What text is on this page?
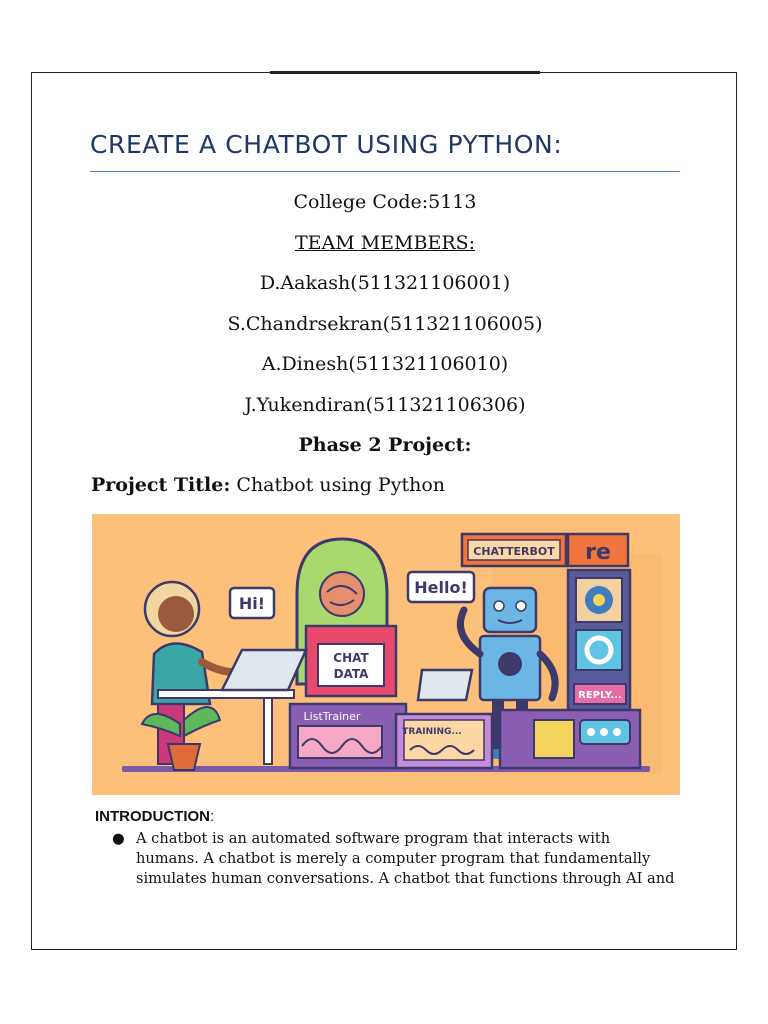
CREATE A CHATBOT USING PYTHON:

College Code:5113

TEAM MEMBERS:

D.Aakash(511321106001)

S.Chandrsekran(511321106005)

A.Dinesh(511321106010)

J.Yukendiran(511321106306)

Phase 2 Project:

Project Title: Chatbot using Python

Hello!
CHATTERBOT re
REPLY...
CHAT
DATA
ListTrainer
TRAINING...
Hi!

INTRODUCTION:

● A chatbot is an automated software program that interacts with
humans. A chatbot is merely a computer program that fundamentally
simulates human conversations. A chatbot that functions through AI and
